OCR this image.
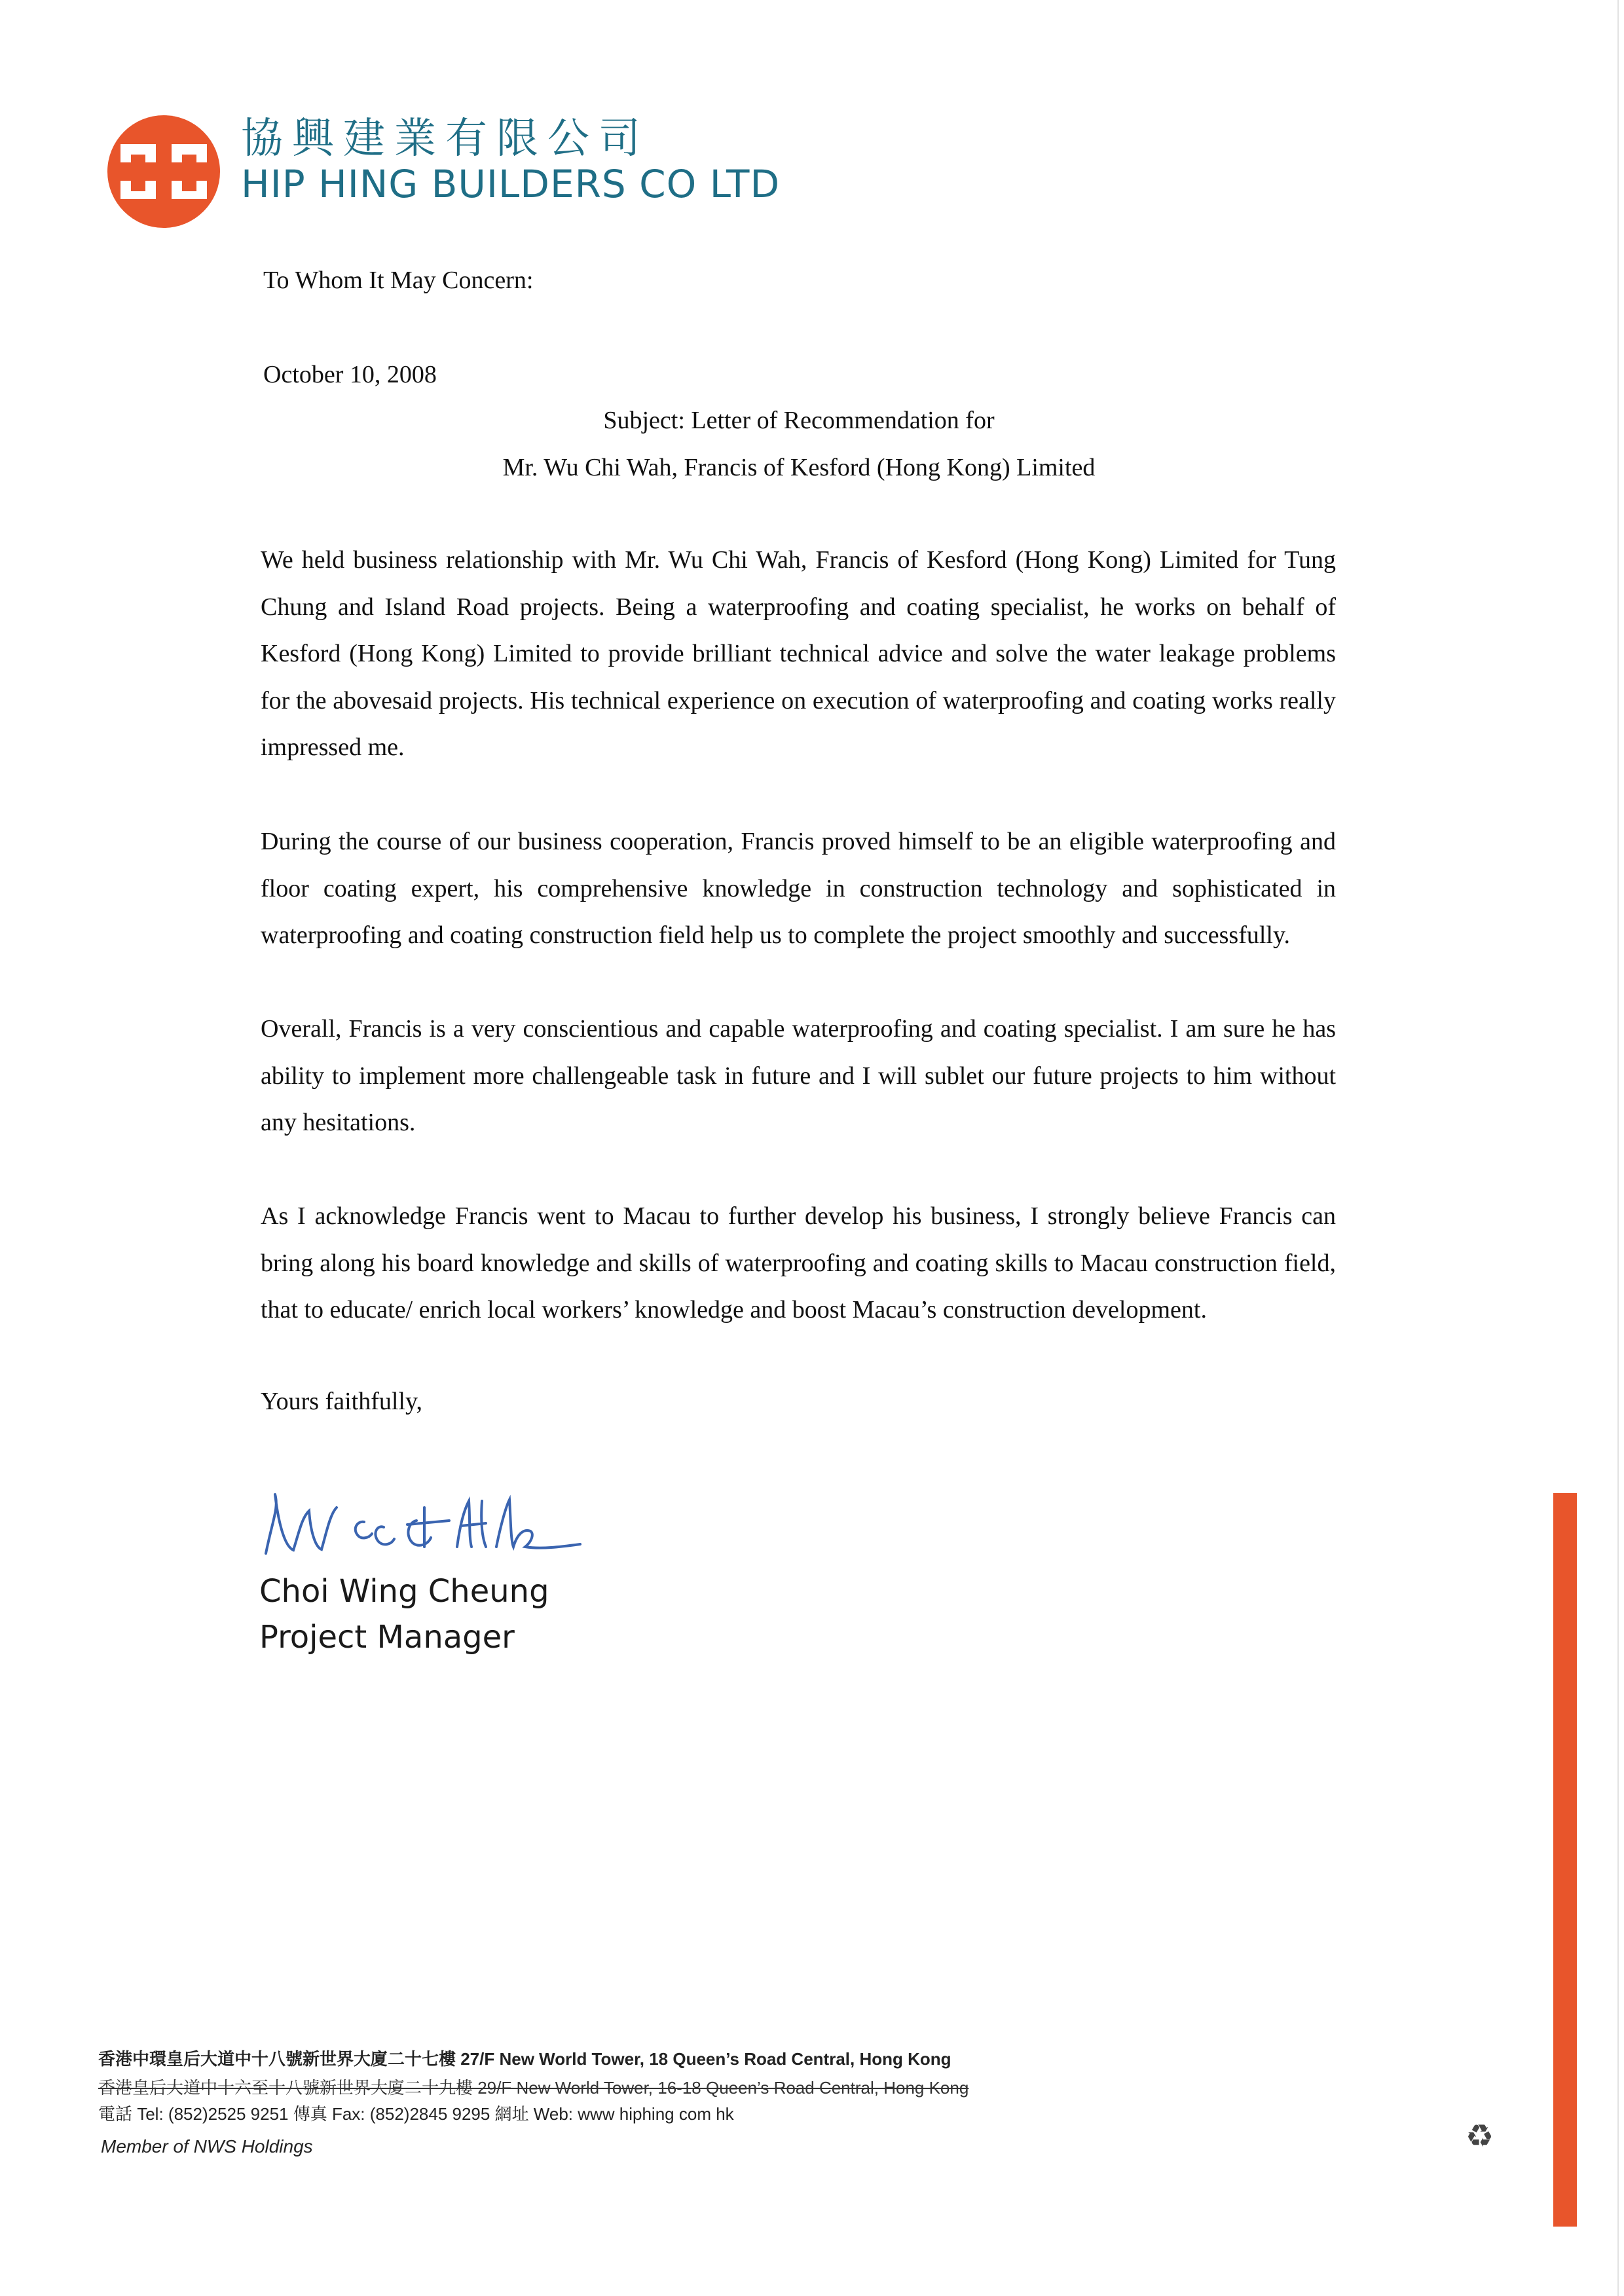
協興建業有限公司
HIP HING BUILDERS CO LTD
To Whom It May Concern:
October 10, 2008
Subject: Letter of Recommendation for
Mr. Wu Chi Wah, Francis of Kesford (Hong Kong) Limited

We held business relationship with Mr. Wu Chi Wah, Francis of Kesford (Hong Kong) Limited for Tung Chung and Island Road projects. Being a waterproofing and coating specialist, he works on behalf of Kesford (Hong Kong) Limited to provide brilliant technical advice and solve the water leakage problems for the abovesaid projects. His technical experience on execution of waterproofing and coating works really impressed me.

During the course of our business cooperation, Francis proved himself to be an eligible waterproofing and floor coating expert, his comprehensive knowledge in construction technology and sophisticated in waterproofing and coating construction field help us to complete the project smoothly and successfully.

Overall, Francis is a very conscientious and capable waterproofing and coating specialist. I am sure he has ability to implement more challengeable task in future and I will sublet our future projects to him without any hesitations.

As I acknowledge Francis went to Macau to further develop his business, I strongly believe Francis can bring along his board knowledge and skills of waterproofing and coating skills to Macau construction field, that to educate/ enrich local workers’ knowledge and boost Macau’s construction development.

Yours faithfully,
Choi Wing Cheung
Project Manager
香港中環皇后大道中十八號新世界大廈二十七樓 27/F New World Tower, 18 Queen’s Road Central, Hong Kong
香港皇后大道中十六至十八號新世界大廈二十九樓 29/F New World Tower, 16-18 Queen’s Road Central, Hong Kong
電話 Tel: (852)2525 9251 傳真 Fax: (852)2845 9295 網址 Web: www hiphing com hk
Member of NWS Holdings	♻
